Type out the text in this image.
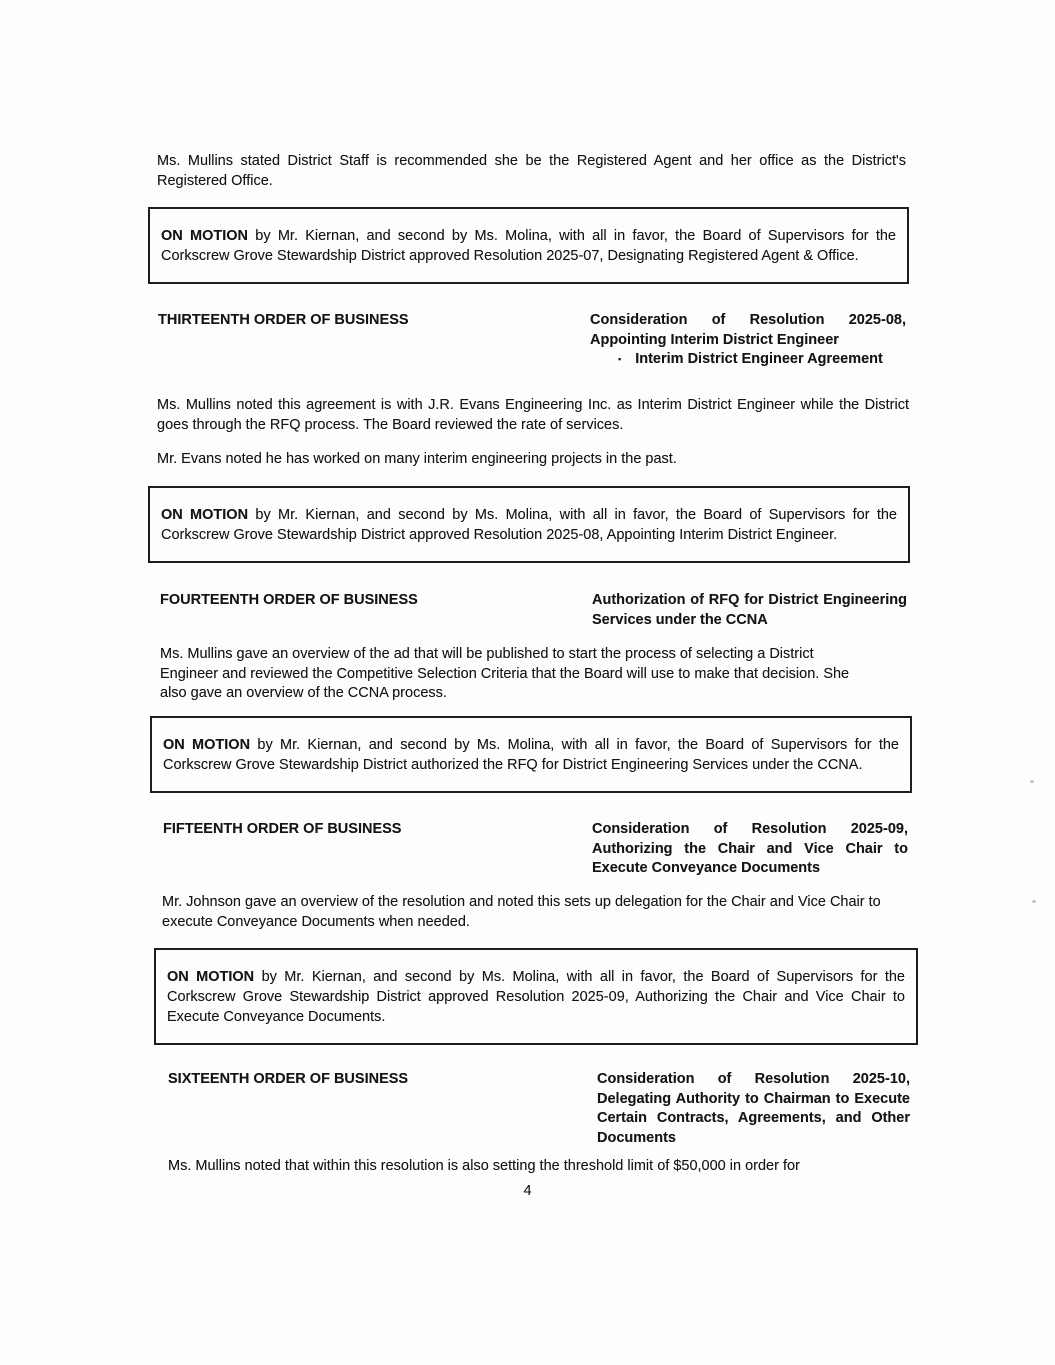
Ms. Mullins stated District Staff is recommended she be the Registered Agent and her office as the District's Registered Office.

ON MOTION by Mr. Kiernan, and second by Ms. Molina, with all in favor, the Board of Supervisors for the Corkscrew Grove Stewardship District approved Resolution 2025-07, Designating Registered Agent & Office.

THIRTEENTH ORDER OF BUSINESS	Consideration of Resolution 2025-08, Appointing Interim District Engineer

▪ Interim District Engineer Agreement

Ms. Mullins noted this agreement is with J.R. Evans Engineering Inc. as Interim District Engineer while the District goes through the RFQ process. The Board reviewed the rate of services.

Mr. Evans noted he has worked on many interim engineering projects in the past.

ON MOTION by Mr. Kiernan, and second by Ms. Molina, with all in favor, the Board of Supervisors for the Corkscrew Grove Stewardship District approved Resolution 2025-08, Appointing Interim District Engineer.

FOURTEENTH ORDER OF BUSINESS	Authorization of RFQ for District Engineering Services under the CCNA

Ms. Mullins gave an overview of the ad that will be published to start the process of selecting a District Engineer and reviewed the Competitive Selection Criteria that the Board will use to make that decision. She also gave an overview of the CCNA process.

ON MOTION by Mr. Kiernan, and second by Ms. Molina, with all in favor, the Board of Supervisors for the Corkscrew Grove Stewardship District authorized the RFQ for District Engineering Services under the CCNA.

FIFTEENTH ORDER OF BUSINESS	Consideration of Resolution 2025-09, Authorizing the Chair and Vice Chair to Execute Conveyance Documents

Mr. Johnson gave an overview of the resolution and noted this sets up delegation for the Chair and Vice Chair to execute Conveyance Documents when needed.

ON MOTION by Mr. Kiernan, and second by Ms. Molina, with all in favor, the Board of Supervisors for the Corkscrew Grove Stewardship District approved Resolution 2025-09, Authorizing the Chair and Vice Chair to Execute Conveyance Documents.

SIXTEENTH ORDER OF BUSINESS	Consideration of Resolution 2025-10, Delegating Authority to Chairman to Execute Certain Contracts, Agreements, and Other Documents

Ms. Mullins noted that within this resolution is also setting the threshold limit of $50,000 in order for

4
